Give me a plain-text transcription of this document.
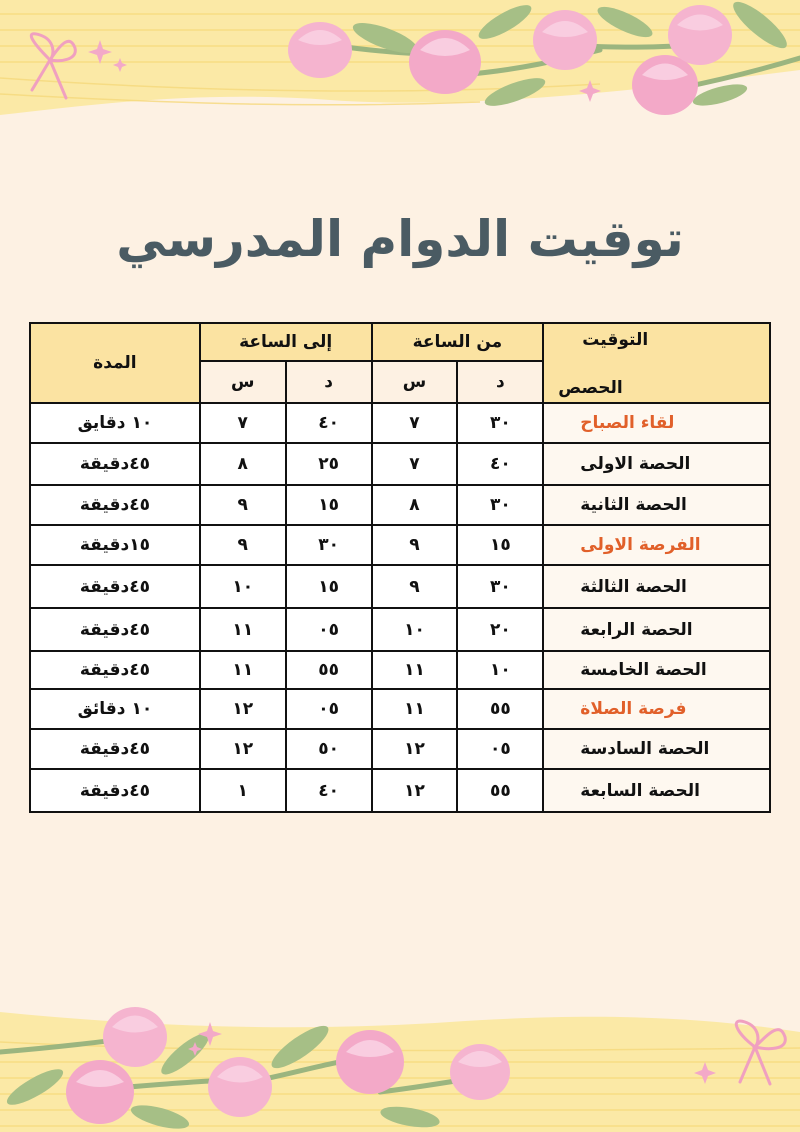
توقيت الدوام المدرسي
التوقيت
الحصص	من الساعة		إلى الساعة		المدة
	د	س	د	س	
لقاء الصباح	٣٠	٧	٤٠	٧	١٠ دقايق
الحصة الاولى	٤٠	٧	٢٥	٨	٤٥دقيقة
الحصة الثانية	٣٠	٨	١٥	٩	٤٥دقيقة
الفرصة الاولى	١٥	٩	٣٠	٩	١٥دقيقة
الحصة الثالثة	٣٠	٩	١٥	١٠	٤٥دقيقة
الحصة الرابعة	٢٠	١٠	٠٥	١١	٤٥دقيقة
الحصة الخامسة	١٠	١١	٥٥	١١	٤٥دقيقة
فرصة الصلاة	٥٥	١١	٠٥	١٢	١٠ دقائق
الحصة السادسة	٠٥	١٢	٥٠	١٢	٤٥دقيقة
الحصة السابعة	٥٥	١٢	٤٠	١	٤٥دقيقة
